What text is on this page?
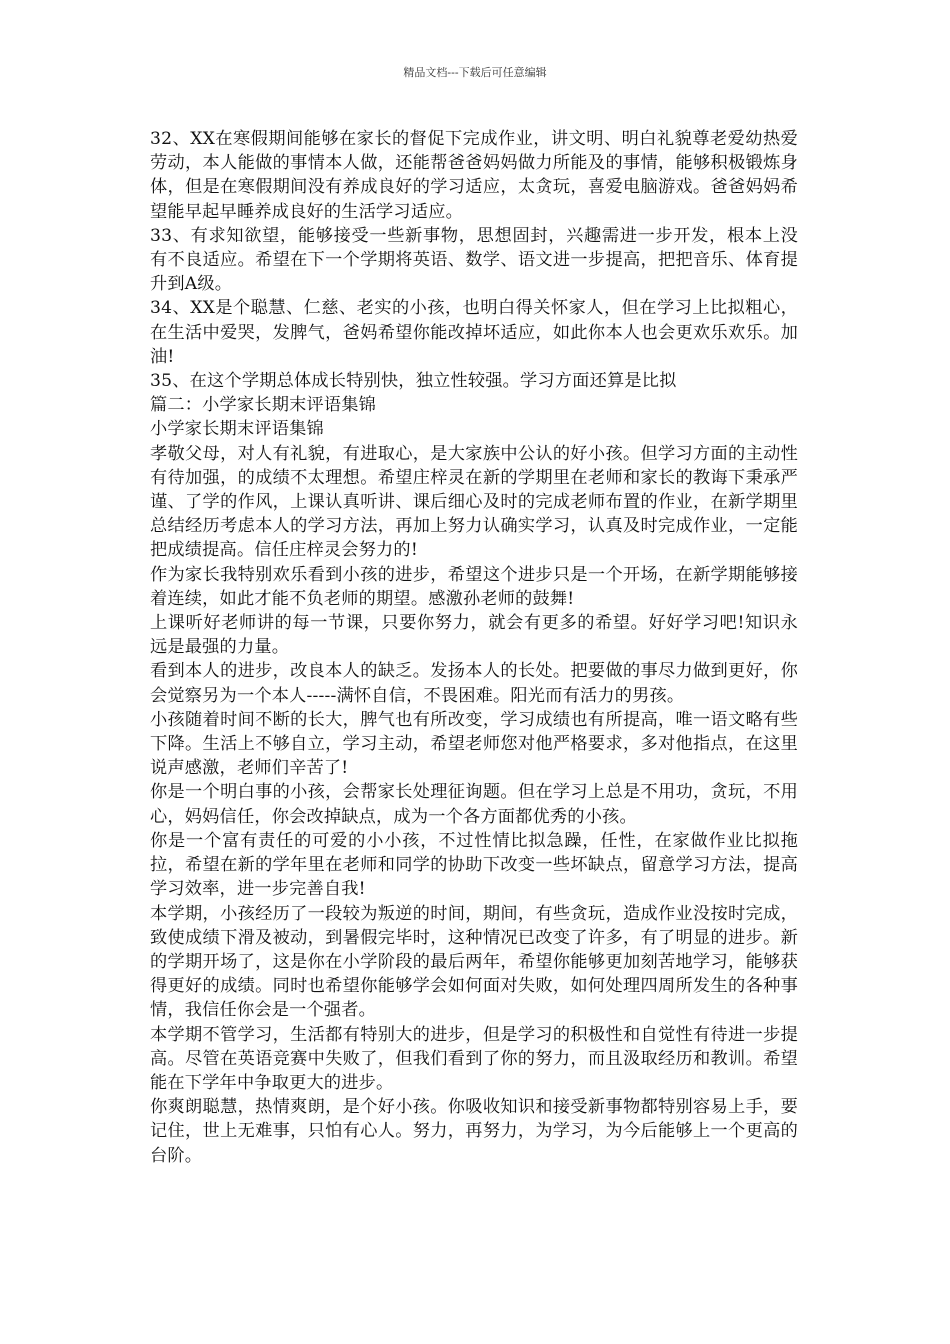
精品文档---下载后可任意编辑

32、XX在寒假期间能够在家长的督促下完成作业，讲文明、明白礼貌尊老爱幼热爱劳动，本人能做的事情本人做，还能帮爸爸妈妈做力所能及的事情，能够积极锻炼身体，但是在寒假期间没有养成良好的学习适应，太贪玩，喜爱电脑游戏。爸爸妈妈希望能早起早睡养成良好的生活学习适应。

33、有求知欲望，能够接受一些新事物，思想固封，兴趣需进一步开发，根本上没有不良适应。希望在下一个学期将英语、数学、语文进一步提高，把把音乐、体育提升到A级。

34、XX是个聪慧、仁慈、老实的小孩，也明白得关怀家人，但在学习上比拟粗心，在生活中爱哭，发脾气，爸妈希望你能改掉坏适应，如此你本人也会更欢乐欢乐。加油!

35、在这个学期总体成长特别快，独立性较强。学习方面还算是比拟

篇二：小学家长期末评语集锦

小学家长期末评语集锦

孝敬父母，对人有礼貌，有进取心，是大家族中公认的好小孩。但学习方面的主动性有待加强，的成绩不太理想。希望庄梓灵在新的学期里在老师和家长的教诲下秉承严谨、了学的作风，上课认真听讲、课后细心及时的完成老师布置的作业，在新学期里总结经历考虑本人的学习方法，再加上努力认确实学习，认真及时完成作业，一定能把成绩提高。信任庄梓灵会努力的!

作为家长我特别欢乐看到小孩的进步，希望这个进步只是一个开场，在新学期能够接着连续，如此才能不负老师的期望。感激孙老师的鼓舞!

上课听好老师讲的每一节课，只要你努力，就会有更多的希望。好好学习吧!知识永远是最强的力量。

看到本人的进步，改良本人的缺乏。发扬本人的长处。把要做的事尽力做到更好，你会觉察另为一个本人-----满怀自信，不畏困难。阳光而有活力的男孩。

小孩随着时间不断的长大，脾气也有所改变，学习成绩也有所提高，唯一语文略有些下降。生活上不够自立，学习主动，希望老师您对他严格要求，多对他指点，在这里说声感激，老师们辛苦了!

你是一个明白事的小孩，会帮家长处理征询题。但在学习上总是不用功，贪玩，不用心，妈妈信任，你会改掉缺点，成为一个各方面都优秀的小孩。

你是一个富有责任的可爱的小小孩，不过性情比拟急躁，任性，在家做作业比拟拖拉，希望在新的学年里在老师和同学的协助下改变一些坏缺点，留意学习方法，提高学习效率，进一步完善自我!

本学期，小孩经历了一段较为叛逆的时间，期间，有些贪玩，造成作业没按时完成，致使成绩下滑及被动，到暑假完毕时，这种情况已改变了许多，有了明显的进步。新的学期开场了，这是你在小学阶段的最后两年，希望你能够更加刻苦地学习，能够获得更好的成绩。同时也希望你能够学会如何面对失败，如何处理四周所发生的各种事情，我信任你会是一个强者。

本学期不管学习，生活都有特别大的进步，但是学习的积极性和自觉性有待进一步提高。尽管在英语竞赛中失败了，但我们看到了你的努力，而且汲取经历和教训。希望能在下学年中争取更大的进步。

你爽朗聪慧，热情爽朗，是个好小孩。你吸收知识和接受新事物都特别容易上手，要记住，世上无难事，只怕有心人。努力，再努力，为学习，为今后能够上一个更高的台阶。
